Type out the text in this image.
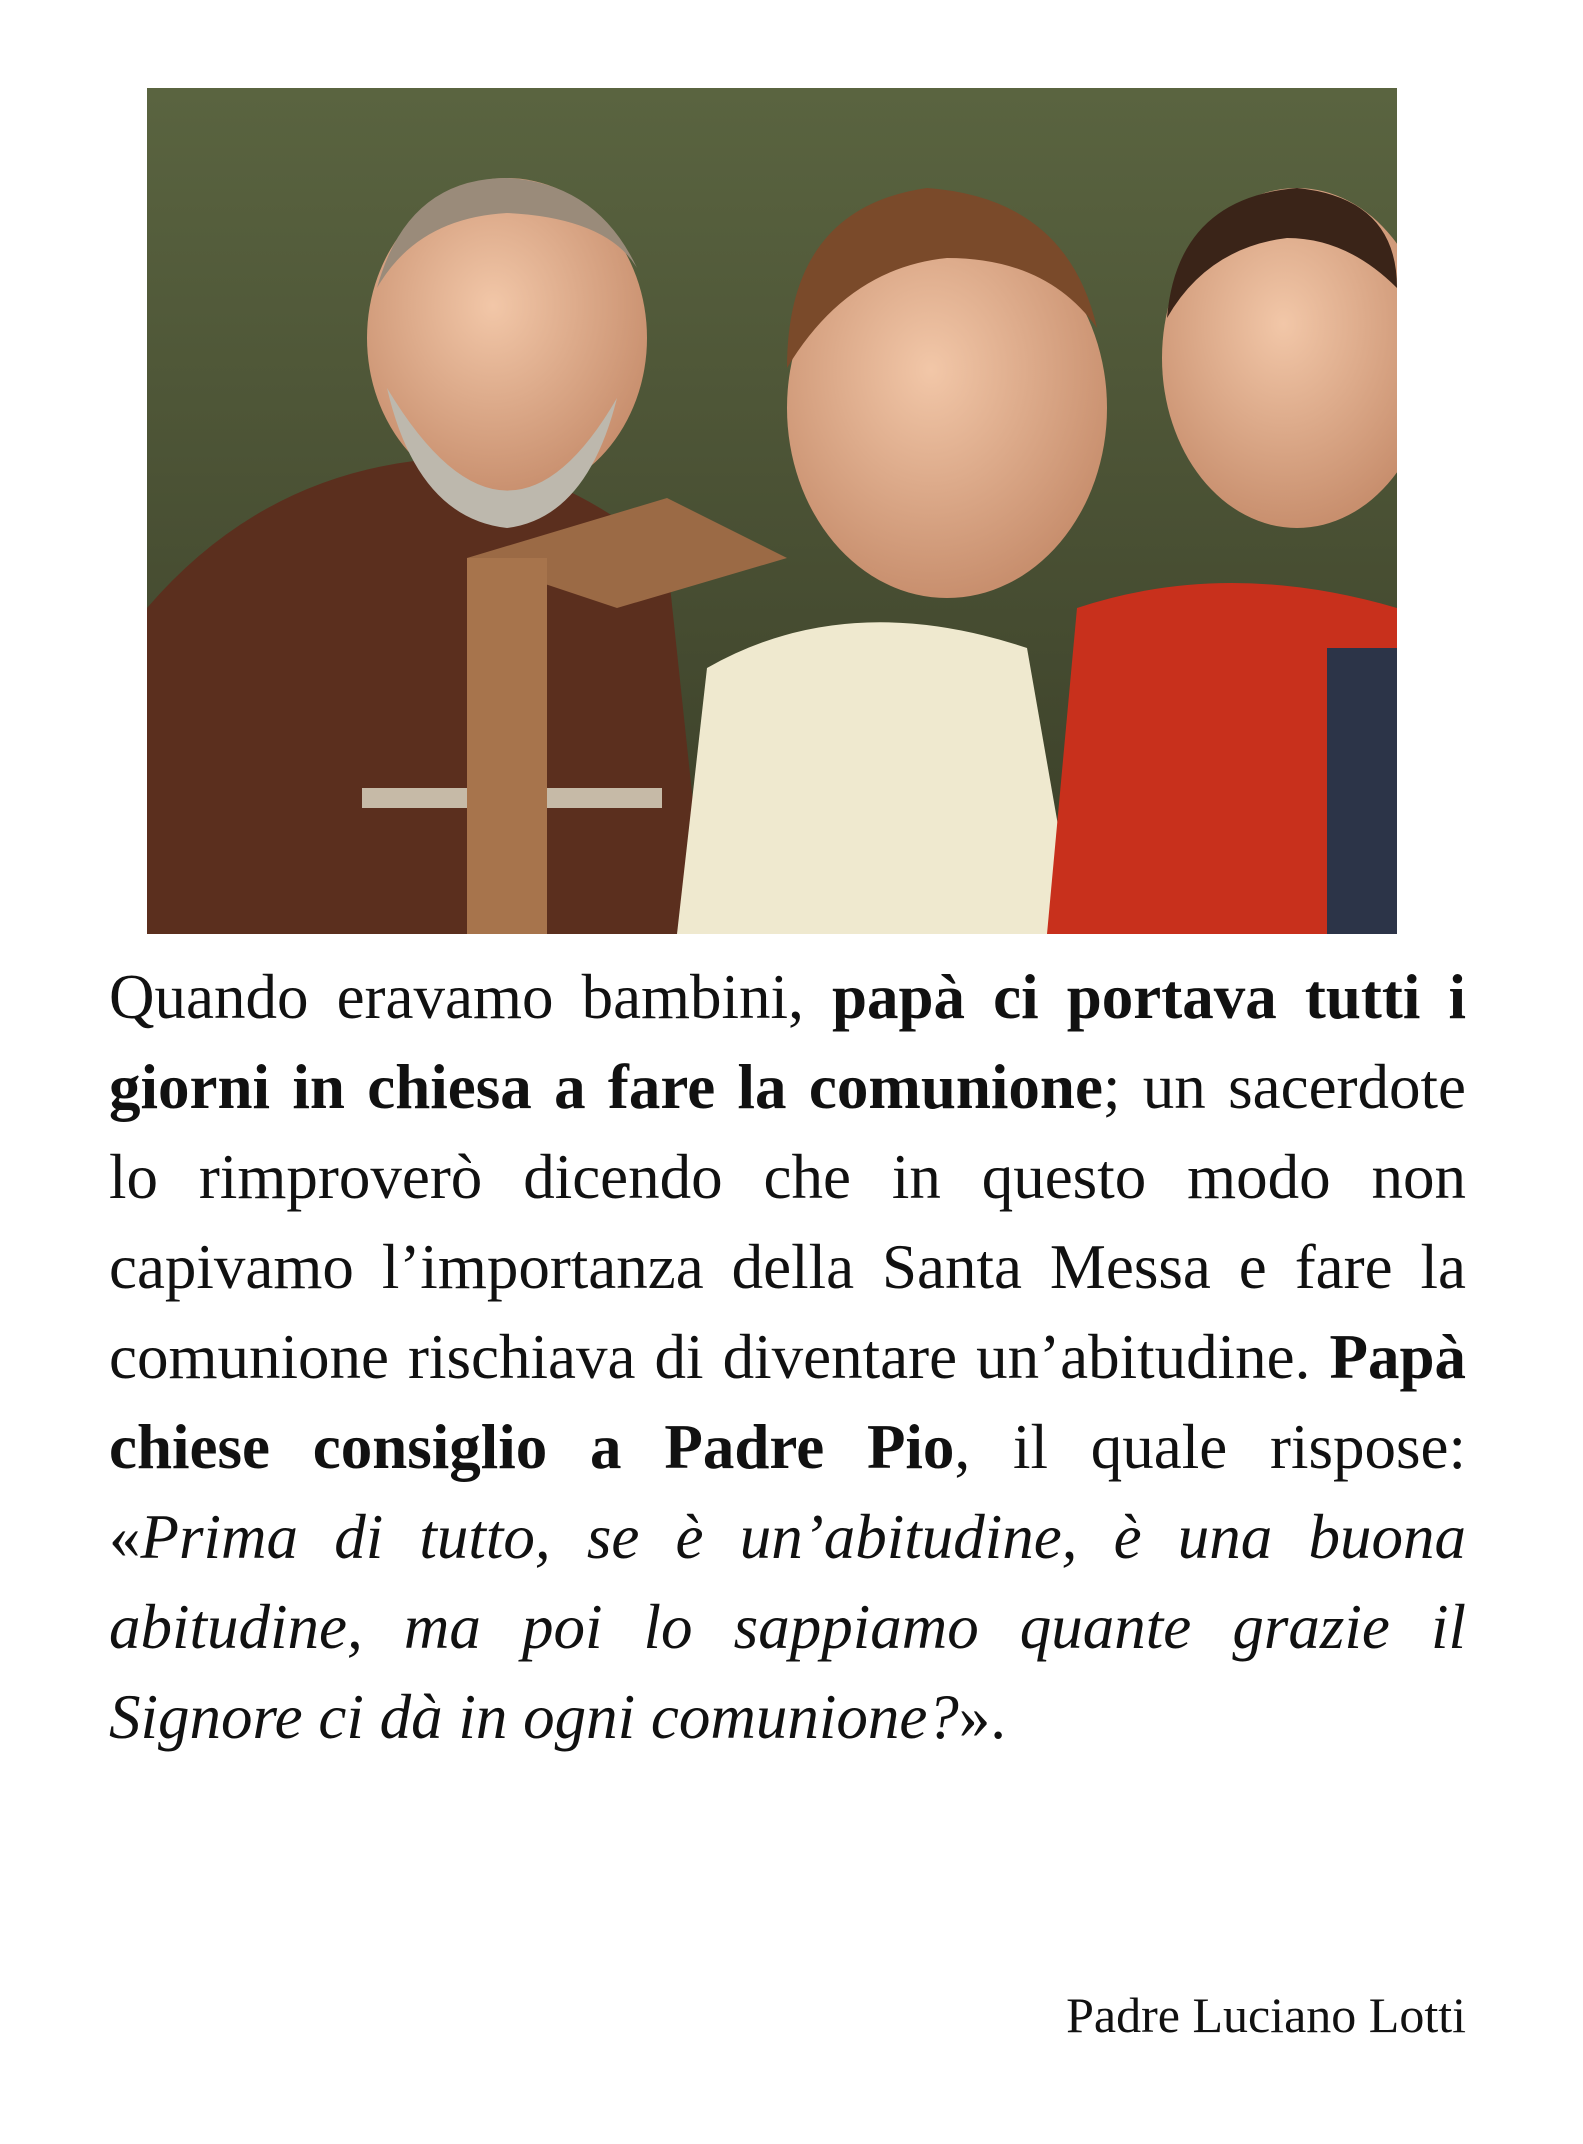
Quando eravamo bambini, papà ci portava tutti i giorni in chiesa a fare la comunione; un sacerdote lo rimproverò dicendo che in questo modo non capivamo l’importanza della Santa Messa e fare la comunione rischiava di diventare un’abitudine. Papà chiese consiglio a Padre Pio, il quale rispose: «Prima di tutto, se è un’abitudine, è una buona abitudine, ma poi lo sappiamo quante grazie il Signore ci dà in ogni comunione?».

Padre Luciano Lotti
